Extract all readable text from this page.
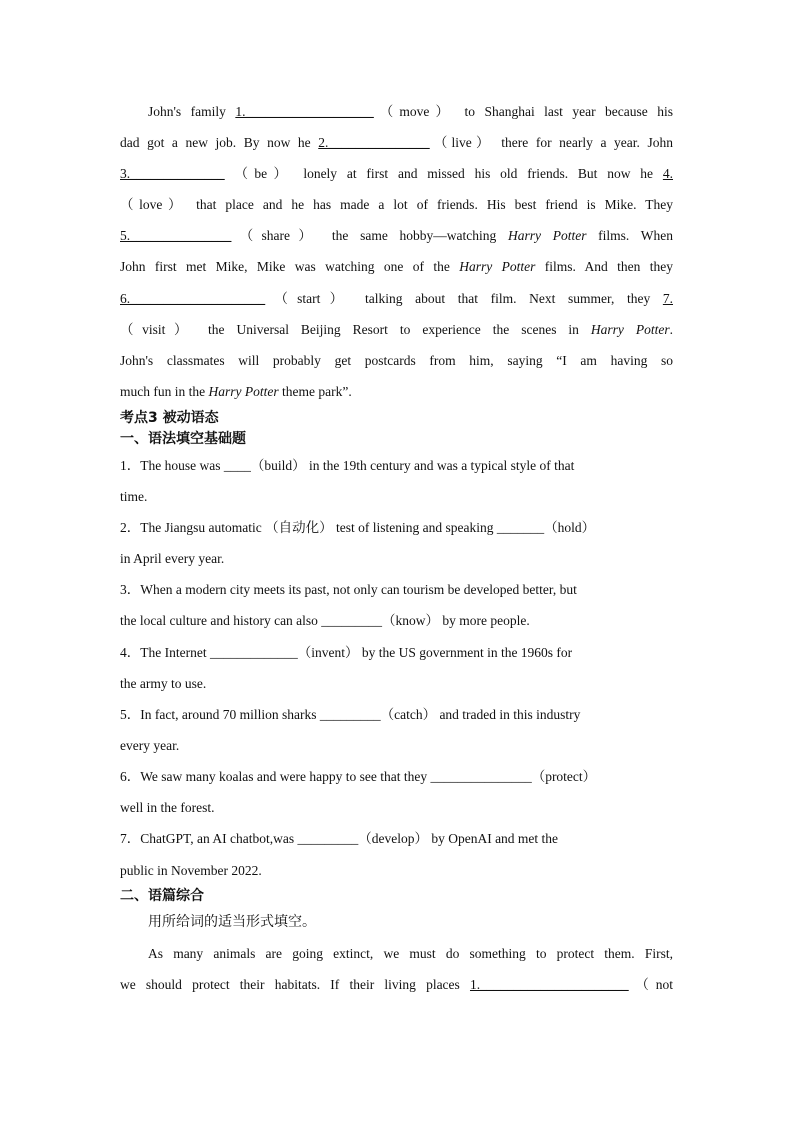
John's family 1.___________________（move） to Shanghai last year because his
dad got a new job. By now he 2._______________（live） there for nearly a year. John
3.______________ （be） lonely at first and missed his old friends. But now he 4.
（love） that place and he has made a lot of friends. His best friend is Mike. They
5._______________（share） the same hobby—watching Harry Potter films. When
John first met Mike, Mike was watching one of the Harry Potter films. And then they
6.____________________（start） talking about that film. Next summer, they 7.
（visit） the Universal Beijing Resort to experience the scenes in Harry Potter.
John's classmates will probably get postcards from him, saying “I am having so
much fun in the Harry Potter theme park”.
考点3 被动语态
一、语法填空基础题
1．The house was ____（build） in the 19th century and was a typical style of that
time.
2．The Jiangsu automatic （自动化） test of listening and speaking _______（hold）
in April every year.
3．When a modern city meets its past, not only can tourism be developed better, but
the local culture and history can also _________（know） by more people.
4．The Internet _____________（invent） by the US government in the 1960s for
the army to use.
5．In fact, around 70 million sharks _________（catch） and traded in this industry
every year.
6．We saw many koalas and were happy to see that they _______________（protect）
well in the forest.
7．ChatGPT, an AI chatbot,was _________（develop） by OpenAI and met the
public in November 2022.
二、语篇综合
用所给词的适当形式填空。
As many animals are going extinct, we must do something to protect them. First,
we should protect their habitats. If their living places 1.______________________（not
